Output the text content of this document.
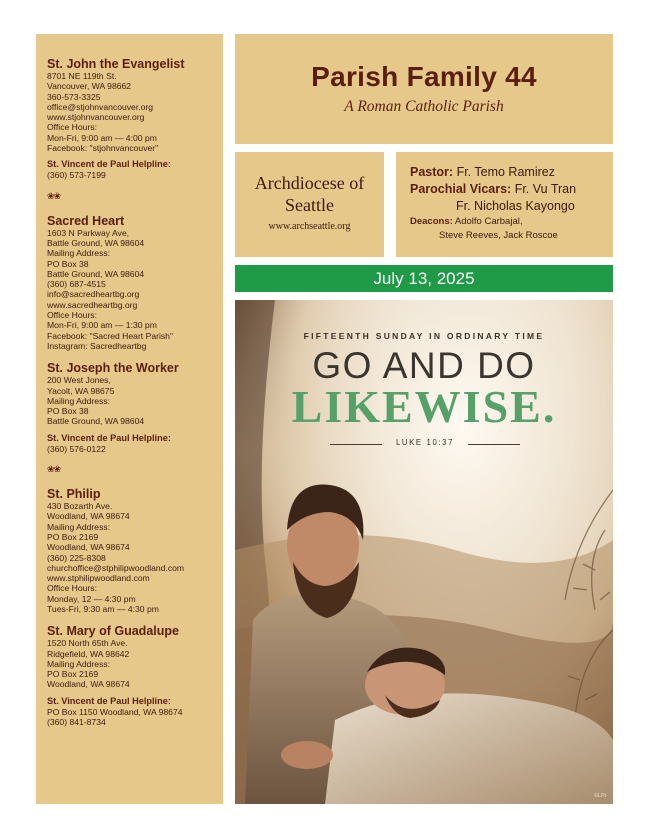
St. John the Evangelist
8701 NE 119th St.
Vancouver, WA 98662
360-573-3325
office@stjohnvancouver.org
www.stjohnvancouver.org
Office Hours:
Mon-Fri, 9:00 am — 4:00 pm
Facebook: "stjohnvancouver"
St. Vincent de Paul Helpline:
(360) 573-7199
❀❀
Sacred Heart
1603 N Parkway Ave,
Battle Ground, WA 98604
Mailing Address:
PO Box 38
Battle Ground, WA 98604
(360) 687-4515
info@sacredheartbg.org
www.sacredheartbg.org
Office Hours:
Mon-Fri, 9:00 am — 1:30 pm
Facebook: "Sacred Heart Parish"
Instagram: Sacredheartbg
St. Joseph the Worker
200 West Jones,
Yacolt, WA 98675
Mailing Address:
PO Box 38
Battle Ground, WA 98604
St. Vincent de Paul Helpline:
(360) 576-0122
❀❀
St. Philip
430 Bozarth Ave.
Woodland, WA 98674
Mailing Address:
PO Box 2169
Woodland, WA 98674
(360) 225-8308
churchoffice@stphilipwoodland.com
www.stphilipwoodland.com
Office Hours:
Monday, 12 — 4:30 pm
Tues-Fri, 9:30 am — 4:30 pm
St. Mary of Guadalupe
1520 North 65th Ave.
Ridgefield, WA 98642
Mailing Address:
PO Box 2169
Woodland, WA 98674
St. Vincent de Paul Helpline:
PO Box 1150 Woodland, WA 98674
(360) 841-8734
Parish Family 44
A Roman Catholic Parish
Archdiocese of
Seattle
www.archseattle.org
Pastor: Fr. Temo Ramirez
Parochial Vicars: Fr. Vu Tran
Fr. Nicholas Kayongo
Deacons: Adolfo Carbajal,
Steve Reeves, Jack Roscoe
July 13, 2025
FIFTEENTH SUNDAY IN ORDINARY TIME
GO AND DO
LIKEWISE.
LUKE 10:37
©LPi
